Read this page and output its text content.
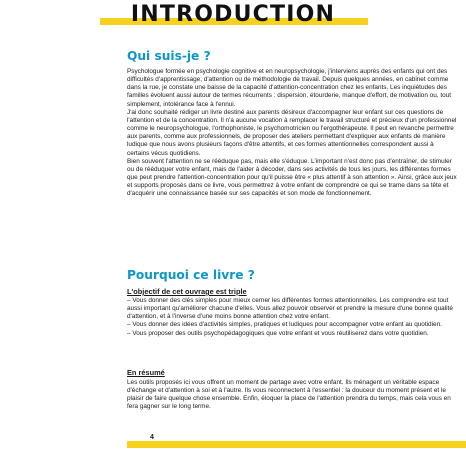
INTRODUCTION
Qui suis-je ?

Psychologue formée en psychologie cognitive et en neuropsychologie, j'interviens auprès des enfants qui ont des difficultés d'apprentissage, d'attention ou de méthodologie de travail. Depuis quelques années, en cabinet comme dans la rue, je constate une baisse de la capacité d'attention-concentration chez les enfants. Les inquiétudes des familles évoluent aussi autour de termes récurrents : dispersion, étourderie, manque d'effort, de motivation ou, tout simplement, intolérance face à l'ennui.

J'ai donc souhaité rédiger un livre destiné aux parents désireux d'accompagner leur enfant sur ces questions de l'attention et de la concentration. Il n'a aucune vocation à remplacer le travail structuré et précieux d'un professionnel comme le neuropsychologue, l'orthophoniste, le psychomotricien ou l'ergothérapeute. Il peut en revanche permettre aux parents, comme aux professionnels, de proposer des ateliers permettant d'expliquer aux enfants de manière ludique que nous avons plusieurs façons d'être attentifs, et ces formes attentionnelles correspondent aussi à certains vécus quotidiens.

Bien souvent l'attention ne se rééduque pas, mais elle s'éduque. L'important n'est donc pas d'entraîner, de stimuler ou de rééduquer votre enfant, mais de l'aider à décoder, dans ses activités de tous les jours, les différentes formes que peut prendre l'attention-concentration pour qu'il puisse être « plus attentif à son attention ». Ainsi, grâce aux jeux et supports proposés dans ce livre, vous permettrez à votre enfant de comprendre ce qui se trame dans sa tête et d'acquérir une connaissance basée sur ses capacités et son mode de fonctionnement.

Pourquoi ce livre ?
L'objectif de cet ouvrage est triple
– Vous donner des clés simples pour mieux cerner les différentes formes attentionnelles. Les comprendre est tout aussi important qu'améliorer chacune d'elles. Vous allez pouvoir observer et prendre la mesure d'une bonne qualité d'attention, et à l'inverse d'une moins bonne attention chez votre enfant.
– Vous donner des idées d'activités simples, pratiques et ludiques pour accompagner votre enfant au quotidien.
– Vous proposer des outils psychopédagogiques que votre enfant et vous réutiliserez dans votre quotidien.
En résumé

Les outils proposés ici vous offrent un moment de partage avec votre enfant. Ils ménagent un véritable espace d'échange et d'attention à soi et à l'autre. Ils vous reconnectent à l'essentiel : la douceur du moment présent et le plaisir de faire quelque chose ensemble. Enfin, éloquer la place de l'attention prendra du temps, mais cela vous en fera gagner sur le long terme.

4
